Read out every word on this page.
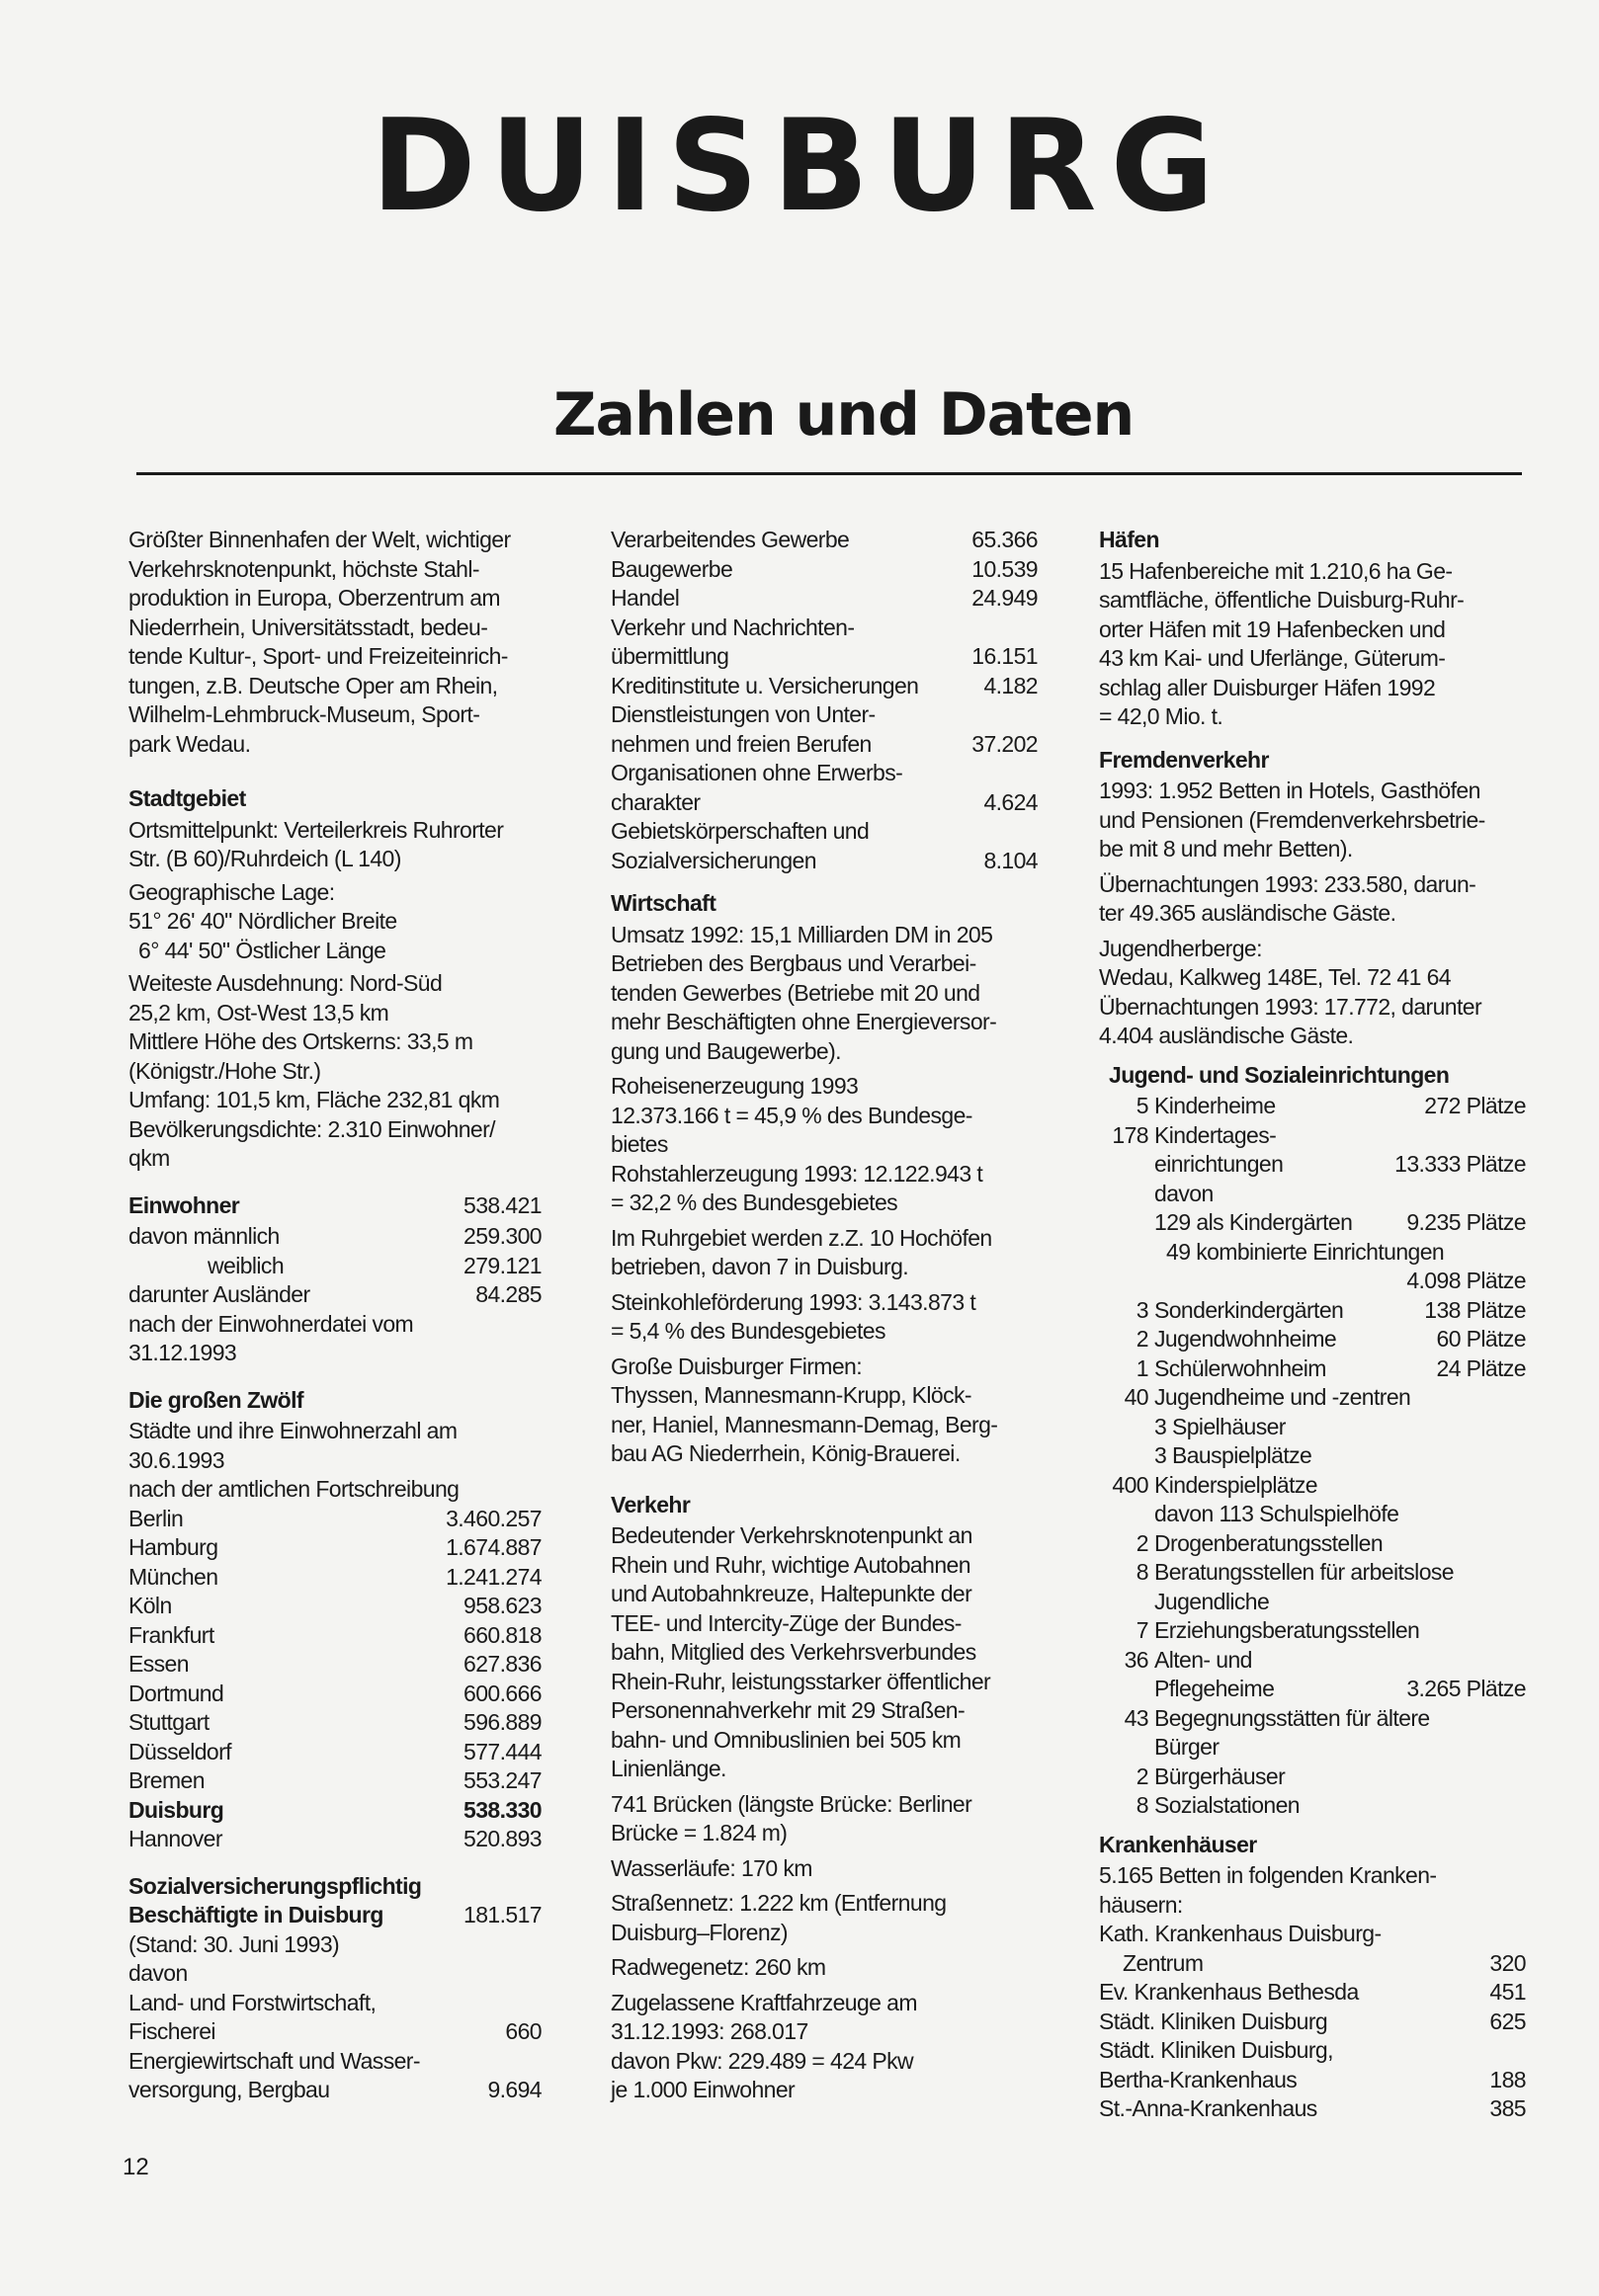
DUISBURG
Zahlen und Daten
Größter Binnenhafen der Welt, wichtiger
Verkehrsknotenpunkt, höchste Stahl-
produktion in Europa, Oberzentrum am
Niederrhein, Universitätsstadt, bedeu-
tende Kultur-, Sport- und Freizeiteinrich-
tungen, z.B. Deutsche Oper am Rhein,
Wilhelm-Lehmbruck-Museum, Sport-
park Wedau.
Stadtgebiet
Ortsmittelpunkt: Verteilerkreis Ruhrorter
Str. (B 60)/Ruhrdeich (L 140)
Geographische Lage:
51° 26' 40" Nördlicher Breite
6° 44' 50" Östlicher Länge
Weiteste Ausdehnung: Nord-Süd
25,2 km, Ost-West 13,5 km
Mittlere Höhe des Ortskerns: 33,5 m
(Königstr./Hohe Str.)
Umfang: 101,5 km, Fläche 232,81 qkm
Bevölkerungsdichte: 2.310 Einwohner/
qkm
Einwohner	538.421
davon männlich	259.300
weiblich	279.121
darunter Ausländer	84.285
nach der Einwohnerdatei vom
31.12.1993
Die großen Zwölf
Städte und ihre Einwohnerzahl am
30.6.1993
nach der amtlichen Fortschreibung
Berlin	3.460.257
Hamburg	1.674.887
München	1.241.274
Köln	958.623
Frankfurt	660.818
Essen	627.836
Dortmund	600.666
Stuttgart	596.889
Düsseldorf	577.444
Bremen	553.247
Duisburg	538.330
Hannover	520.893
Sozialversicherungspflichtig
Beschäftigte in Duisburg	181.517
(Stand: 30. Juni 1993)
davon
Land- und Forstwirtschaft,
Fischerei	660
Energiewirtschaft und Wasser-
versorgung, Bergbau	9.694
Verarbeitendes Gewerbe	65.366
Baugewerbe	10.539
Handel	24.949
Verkehr und Nachrichten-
übermittlung	16.151
Kreditinstitute u. Versicherungen	4.182
Dienstleistungen von Unter-
nehmen und freien Berufen	37.202
Organisationen ohne Erwerbs-
charakter	4.624
Gebietskörperschaften und
Sozialversicherungen	8.104
Wirtschaft
Umsatz 1992: 15,1 Milliarden DM in 205
Betrieben des Bergbaus und Verarbei-
tenden Gewerbes (Betriebe mit 20 und
mehr Beschäftigten ohne Energieversor-
gung und Baugewerbe).
Roheisenerzeugung 1993
12.373.166 t = 45,9 % des Bundesge-
bietes
Rohstahlerzeugung 1993: 12.122.943 t
= 32,2 % des Bundesgebietes
Im Ruhrgebiet werden z.Z. 10 Hochöfen
betrieben, davon 7 in Duisburg.
Steinkohleförderung 1993: 3.143.873 t
= 5,4 % des Bundesgebietes
Große Duisburger Firmen:
Thyssen, Mannesmann-Krupp, Klöck-
ner, Haniel, Mannesmann-Demag, Berg-
bau AG Niederrhein, König-Brauerei.
Verkehr
Bedeutender Verkehrsknotenpunkt an
Rhein und Ruhr, wichtige Autobahnen
und Autobahnkreuze, Haltepunkte der
TEE- und Intercity-Züge der Bundes-
bahn, Mitglied des Verkehrsverbundes
Rhein-Ruhr, leistungsstarker öffentlicher
Personennahverkehr mit 29 Straßen-
bahn- und Omnibuslinien bei 505 km
Linienlänge.
741 Brücken (längste Brücke: Berliner
Brücke = 1.824 m)
Wasserläufe: 170 km
Straßennetz: 1.222 km (Entfernung
Duisburg–Florenz)
Radwegenetz: 260 km
Zugelassene Kraftfahrzeuge am
31.12.1993: 268.017
davon Pkw: 229.489 = 424 Pkw
je 1.000 Einwohner
Häfen
15 Hafenbereiche mit 1.210,6 ha Ge-
samtfläche, öffentliche Duisburg-Ruhr-
orter Häfen mit 19 Hafenbecken und
43 km Kai- und Uferlänge, Güterum-
schlag aller Duisburger Häfen 1992
= 42,0 Mio. t.
Fremdenverkehr
1993: 1.952 Betten in Hotels, Gasthöfen
und Pensionen (Fremdenverkehrsbetrie-
be mit 8 und mehr Betten).
Übernachtungen 1993: 233.580, darun-
ter 49.365 ausländische Gäste.
Jugendherberge:
Wedau, Kalkweg 148E, Tel. 72 41 64
Übernachtungen 1993: 17.772, darunter
4.404 ausländische Gäste.
Jugend- und Sozialeinrichtungen
5 Kinderheime	272 Plätze
178 Kindertages-
einrichtungen	13.333 Plätze
davon
129 als Kindergärten 9.235 Plätze
49 kombinierte Einrichtungen
4.098 Plätze
3 Sonderkindergärten	138 Plätze
2 Jugendwohnheime	60 Plätze
1 Schülerwohnheim	24 Plätze
40 Jugendheime und -zentren
3 Spielhäuser
3 Bauspielplätze
400 Kinderspielplätze
davon 113 Schulspielhöfe
2 Drogenberatungsstellen
8 Beratungsstellen für arbeitslose
Jugendliche
7 Erziehungsberatungsstellen
36 Alten- und
Pflegeheime	3.265 Plätze
43 Begegnungsstätten für ältere
Bürger
2 Bürgerhäuser
8 Sozialstationen
Krankenhäuser
5.165 Betten in folgenden Kranken-
häusern:
Kath. Krankenhaus Duisburg-
Zentrum	320
Ev. Krankenhaus Bethesda	451
Städt. Kliniken Duisburg	625
Städt. Kliniken Duisburg,
Bertha-Krankenhaus	188
St.-Anna-Krankenhaus	385
12
